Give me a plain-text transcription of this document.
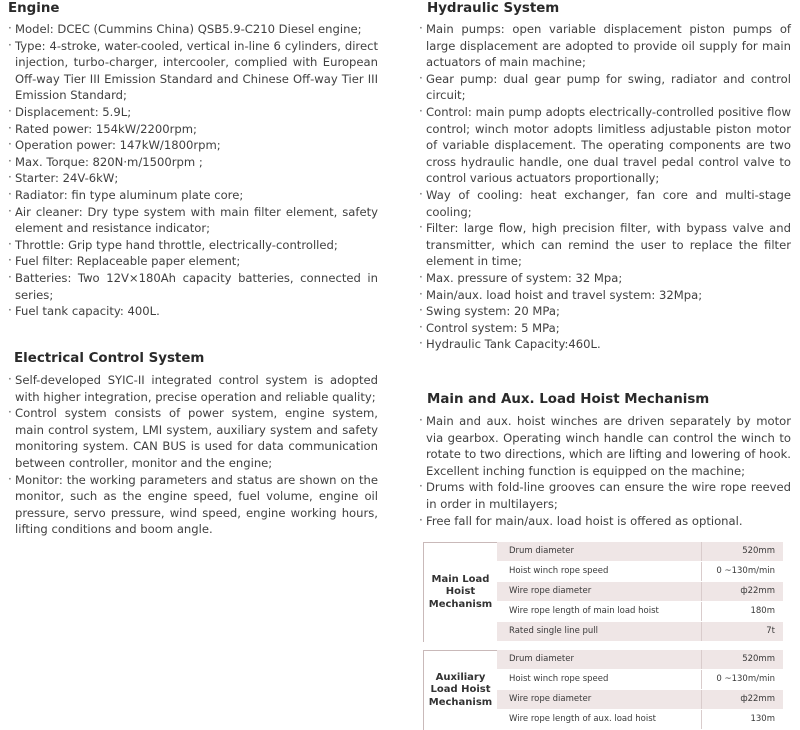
Engine
· Model: DCEC (Cummins China) QSB5.9-C210 Diesel engine;
· Type: 4-stroke, water-cooled, vertical in-line 6 cylinders, direct injection, turbo-charger, intercooler, complied with European Off-way Tier III Emission Standard and Chinese Off-way Tier III Emission Standard;
· Displacement: 5.9L;
· Rated power: 154kW/2200rpm;
· Operation power: 147kW/1800rpm;
· Max. Torque: 820N·m/1500rpm ;
· Starter: 24V-6kW;
· Radiator: fin type aluminum plate core;
· Air cleaner: Dry type system with main filter element, safety element and resistance indicator;
· Throttle: Grip type hand throttle, electrically-controlled;
· Fuel filter: Replaceable paper element;
· Batteries: Two 12V×180Ah capacity batteries, connected in series;
· Fuel tank capacity: 400L.
Electrical Control System
· Self-developed SYIC-II integrated control system is adopted with higher integration, precise operation and reliable quality;
· Control system consists of power system, engine system, main control system, LMI system, auxiliary system and safety monitoring system. CAN BUS is used for data communication between controller, monitor and the engine;
· Monitor: the working parameters and status are shown on the monitor, such as the engine speed, fuel volume, engine oil pressure, servo pressure, wind speed, engine working hours, lifting conditions and boom angle.
Hydraulic System
· Main pumps: open variable displacement piston pumps of large displacement are adopted to provide oil supply for main actuators of main machine;
· Gear pump: dual gear pump for swing, radiator and control circuit;
· Control: main pump adopts electrically-controlled positive flow control; winch motor adopts limitless adjustable piston motor of variable displacement. The operating components are two cross hydraulic handle, one dual travel pedal control valve to control various actuators proportionally;
· Way of cooling: heat exchanger, fan core and multi-stage cooling;
· Filter: large flow, high precision filter, with bypass valve and transmitter, which can remind the user to replace the filter element in time;
· Max. pressure of system: 32 Mpa;
· Main/aux. load hoist and travel system: 32Mpa;
· Swing system: 20 MPa;
· Control system: 5 MPa;
· Hydraulic Tank Capacity:460L.
Main and Aux. Load Hoist Mechanism
· Main and aux. hoist winches are driven separately by motor via gearbox. Operating winch handle can control the winch to rotate to two directions, which are lifting and lowering of hook. Excellent inching function is equipped on the machine;
· Drums with fold-line grooves can ensure the wire rope reeved in order in multilayers;
· Free fall for main/aux. load hoist is offered as optional.
Main Load Hoist Mechanism
Drum diameter	520mm
Hoist winch rope speed	0 ~130m/min
Wire rope diameter	ф22mm
Wire rope length of main load hoist	180m
Rated single line pull	7t
Auxiliary Load Hoist Mechanism
Drum diameter	520mm
Hoist winch rope speed	0 ~130m/min
Wire rope diameter	ф22mm
Wire rope length of aux. load hoist	130m
